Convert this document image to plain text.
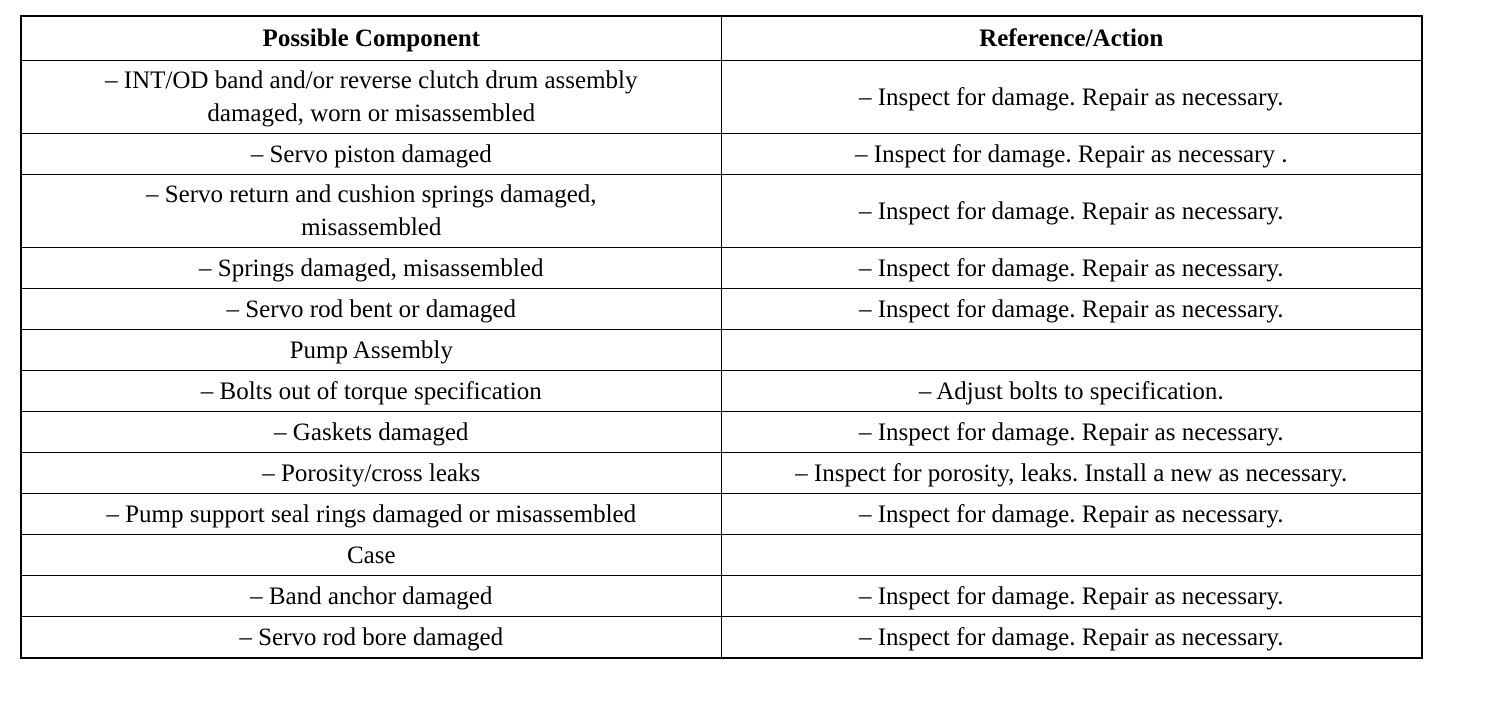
Possible Component	Reference/Action

– INT/OD band and/or reverse clutch drum assembly
damaged, worn or misassembled	– Inspect for damage. Repair as necessary.
– Servo piston damaged	– Inspect for damage. Repair as necessary .

– Servo return and cushion springs damaged,
misassembled	– Inspect for damage. Repair as necessary.
– Springs damaged, misassembled	– Inspect for damage. Repair as necessary.
– Servo rod bent or damaged	– Inspect for damage. Repair as necessary.
Pump Assembly	
– Bolts out of torque specification	– Adjust bolts to specification.
– Gaskets damaged	– Inspect for damage. Repair as necessary.
– Porosity/cross leaks	– Inspect for porosity, leaks. Install a new as necessary.
– Pump support seal rings damaged or misassembled	– Inspect for damage. Repair as necessary.
Case	
– Band anchor damaged	– Inspect for damage. Repair as necessary.
– Servo rod bore damaged	– Inspect for damage. Repair as necessary.
